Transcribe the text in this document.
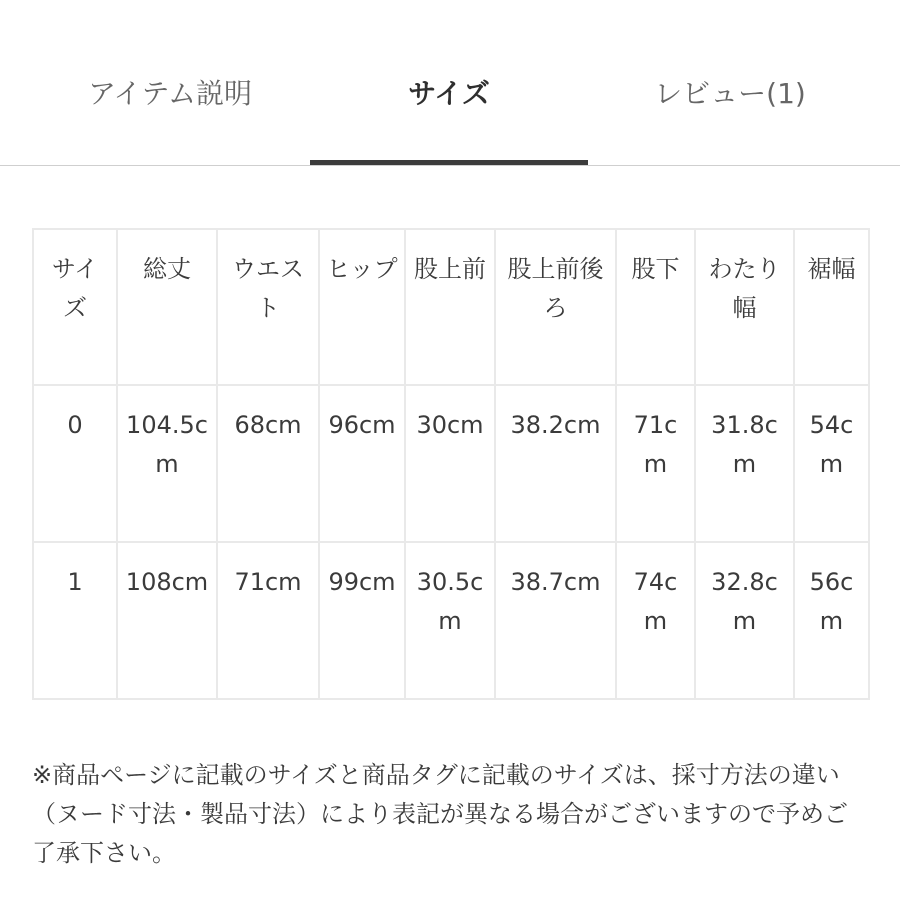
アイテム説明	サイズ	レビュー(1)
サイズ	総丈	ウエスト	ヒップ	股上前	股上前後ろ	股下	わたり幅	裾幅
0	104.5cm	68cm	96cm	30cm	38.2cm	71cm	31.8cm	54cm
1	108cm	71cm	99cm	30.5cm	38.7cm	74cm	32.8cm	56cm

※商品ページに記載のサイズと商品タグに記載のサイズは、採寸方法の違い（ヌード寸法・製品寸法）により表記が異なる場合がございますので予めご了承下さい。
